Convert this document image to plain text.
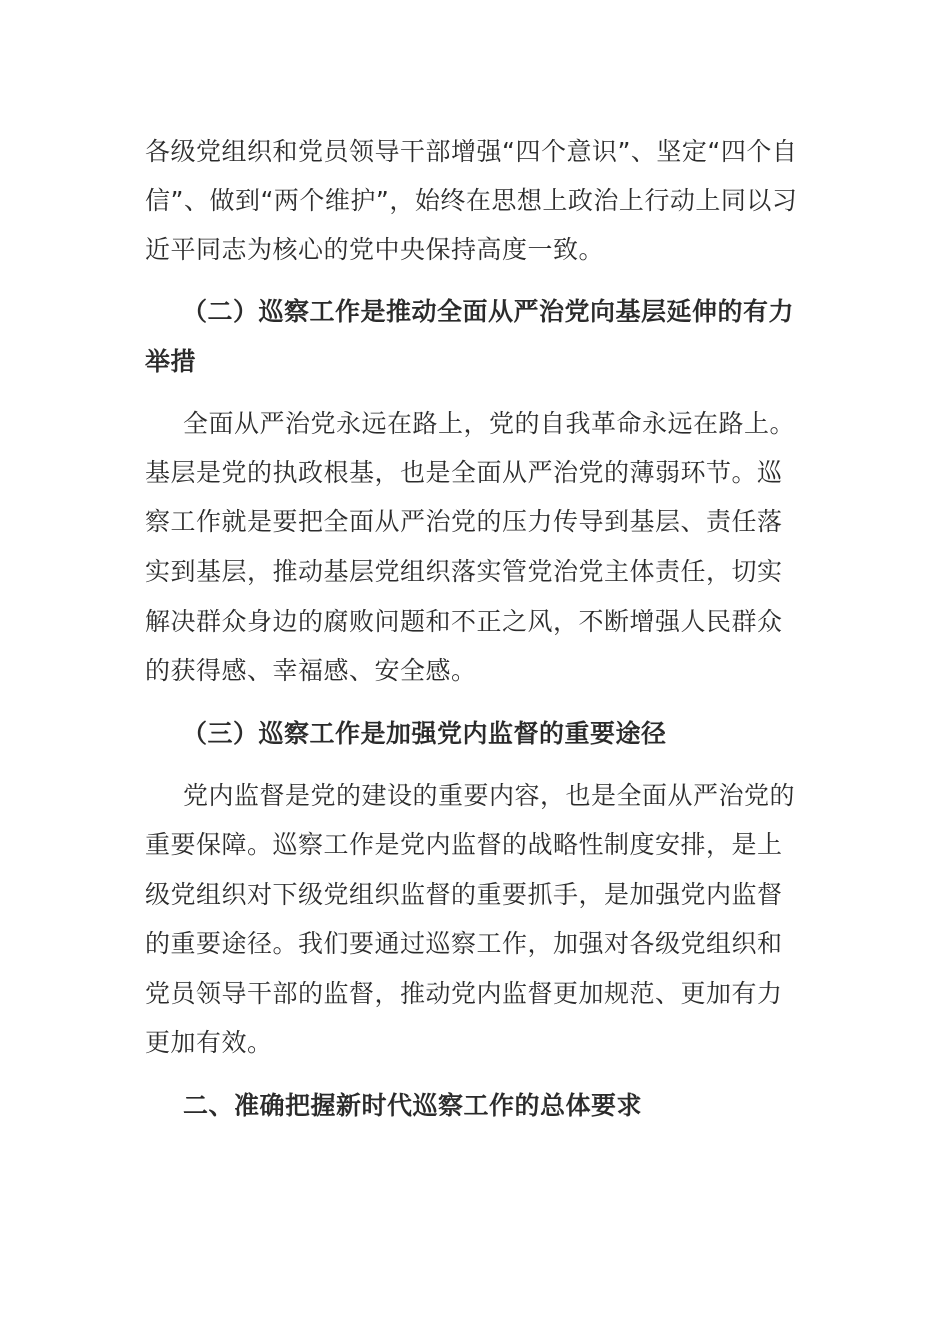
各级党组织和党员领导干部增强“四个意识”、坚定“四个自
信”、做到“两个维护”，始终在思想上政治上行动上同以习
近平同志为核心的党中央保持高度一致。
（二）巡察工作是推动全面从严治党向基层延伸的有力
举措
全面从严治党永远在路上，党的自我革命永远在路上。
基层是党的执政根基，也是全面从严治党的薄弱环节。巡
察工作就是要把全面从严治党的压力传导到基层、责任落
实到基层，推动基层党组织落实管党治党主体责任，切实
解决群众身边的腐败问题和不正之风，不断增强人民群众
的获得感、幸福感、安全感。
（三）巡察工作是加强党内监督的重要途径
党内监督是党的建设的重要内容，也是全面从严治党的
重要保障。巡察工作是党内监督的战略性制度安排，是上
级党组织对下级党组织监督的重要抓手，是加强党内监督
的重要途径。我们要通过巡察工作，加强对各级党组织和
党员领导干部的监督，推动党内监督更加规范、更加有力
更加有效。
二、准确把握新时代巡察工作的总体要求
